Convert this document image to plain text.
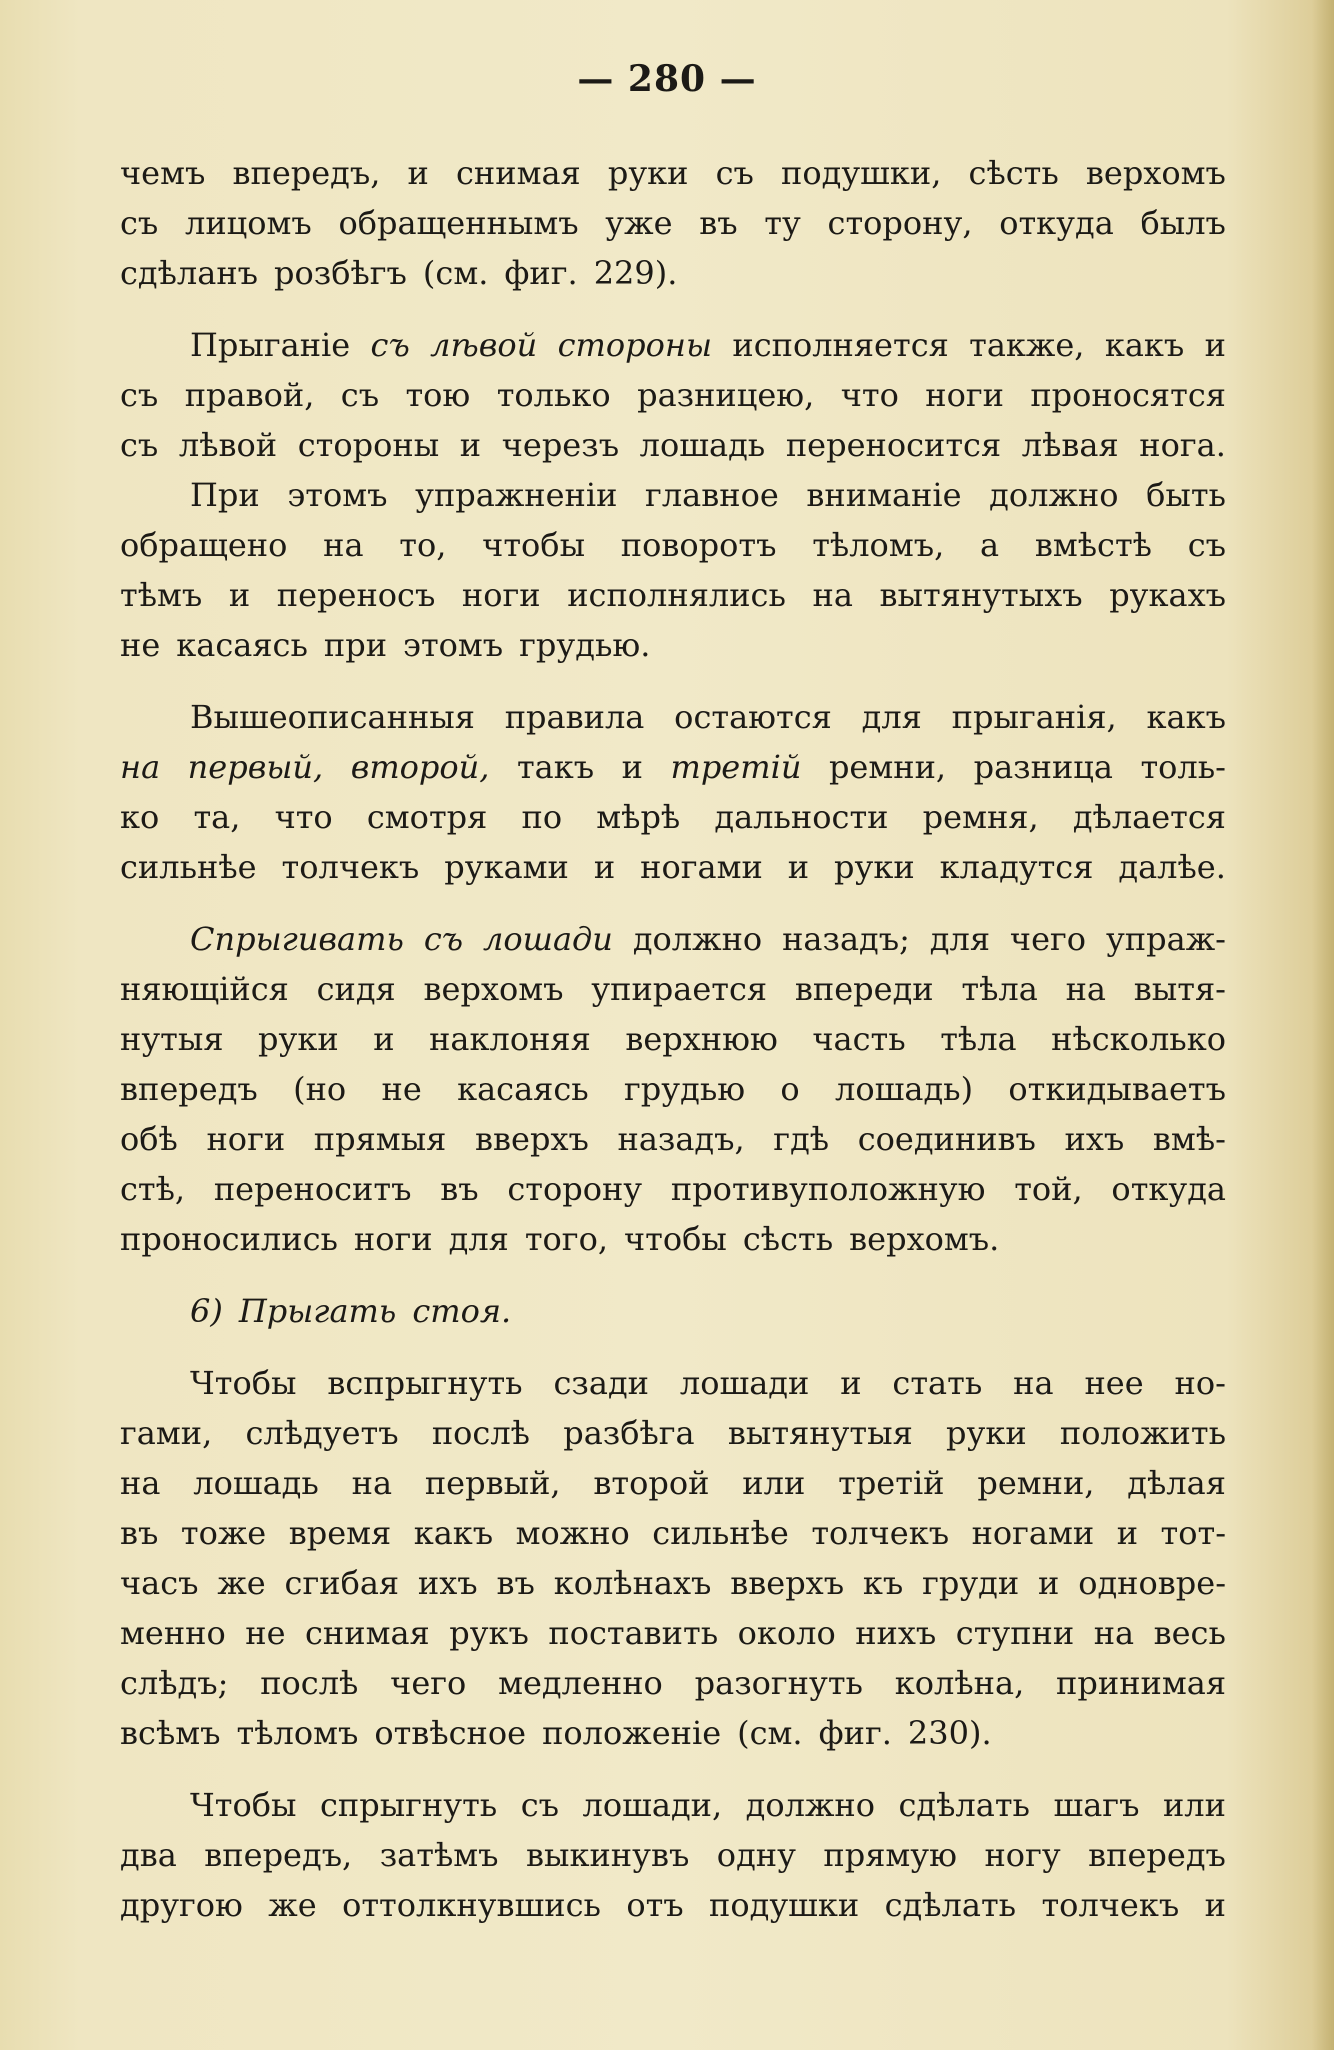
— 280 —
чемъ впередъ, и снимая руки съ подушки, сѣсть верхомъ
съ лицомъ обращеннымъ уже въ ту сторону, откуда былъ
сдѣланъ розбѣгъ (см. фиг. 229).
Прыганіе съ лѣвой стороны исполняется также, какъ и
съ правой, съ тою только разницею, что ноги проносятся
съ лѣвой стороны и черезъ лошадь переносится лѣвая нога.
При этомъ упражненіи главное вниманіе должно быть
обращено на то, чтобы поворотъ тѣломъ, а вмѣстѣ съ
тѣмъ и переносъ ноги исполнялись на вытянутыхъ рукахъ
не касаясь при этомъ грудью.
Вышеописанныя правила остаются для прыганія, какъ
на первый, второй, такъ и третій ремни, разница толь-
ко та, что смотря по мѣрѣ дальности ремня, дѣлается
сильнѣе толчекъ руками и ногами и руки кладутся далѣе.
Спрыгивать съ лошади должно назадъ; для чего упраж-
няющійся сидя верхомъ упирается впереди тѣла на вытя-
нутыя руки и наклоняя верхнюю часть тѣла нѣсколько
впередъ (но не касаясь грудью о лошадь) откидываетъ
обѣ ноги прямыя вверхъ назадъ, гдѣ соединивъ ихъ вмѣ-
стѣ, переноситъ въ сторону противуположную той, откуда
проносились ноги для того, чтобы сѣсть верхомъ.
6) Прыгать стоя.
Чтобы вспрыгнуть сзади лошади и стать на нее но-
гами, слѣдуетъ послѣ разбѣга вытянутыя руки положить
на лошадь на первый, второй или третій ремни, дѣлая
въ тоже время какъ можно сильнѣе толчекъ ногами и тот-
часъ же сгибая ихъ въ колѣнахъ вверхъ къ груди и одновре-
менно не снимая рукъ поставить около нихъ ступни на весь
слѣдъ; послѣ чего медленно разогнуть колѣна, принимая
всѣмъ тѣломъ отвѣсное положеніе (см. фиг. 230).
Чтобы спрыгнуть съ лошади, должно сдѣлать шагъ или
два впередъ, затѣмъ выкинувъ одну прямую ногу впередъ
другою же оттолкнувшись отъ подушки сдѣлать толчекъ и
